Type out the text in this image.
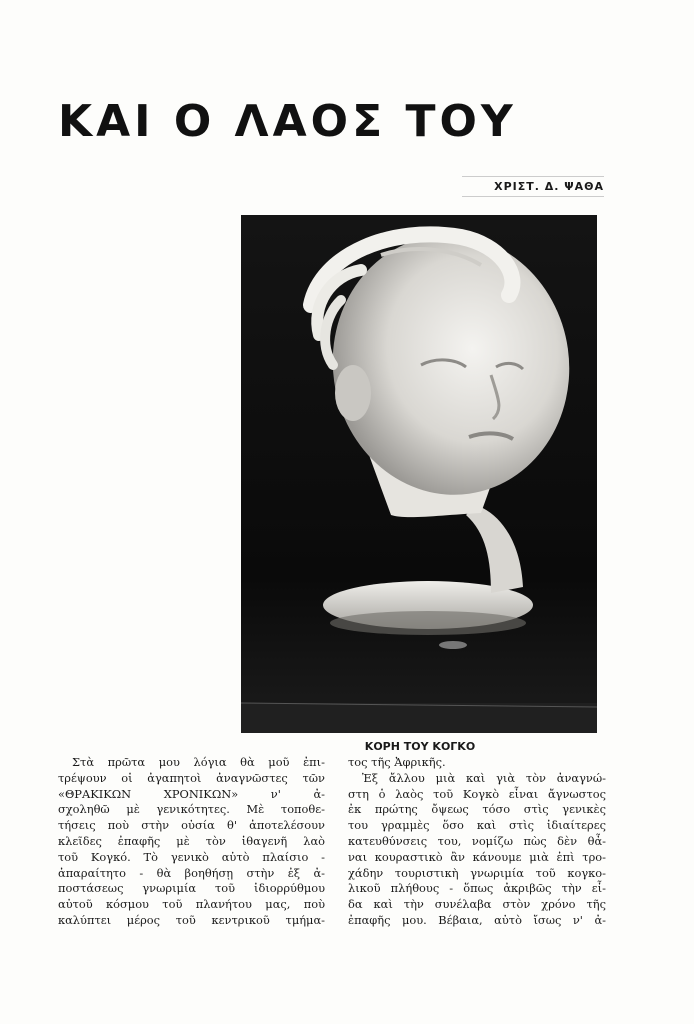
ΚΑΙ Ο ΛΑΟΣ ΤΟΥ
ΧΡΙΣΤ. Δ. ΨΑΘΑ
ΚΟΡΗ ΤΟΥ ΚΟΓΚΟ
Στὰ πρῶτα μου λόγια θὰ μοῦ ἐπι-
τρέψουν οἱ ἀγαπητοὶ ἀναγνῶστες τῶν
«ΘΡΑΚΙΚΩΝ ΧΡΟΝΙΚΩΝ» ν' ἀ-
σχοληθῶ μὲ γενικότητες. Μὲ τοποθε-
τήσεις ποὺ στὴν οὐσία θ' ἀποτελέσουν
κλεῖδες ἐπαφῆς μὲ τὸν ἰθαγενῆ λαὸ
τοῦ Κογκό. Τὸ γενικὸ αὐτὸ πλαίσιο -
ἀπαραίτητο - θὰ βοηθήσῃ στὴν ἐξ ἀ-
ποστάσεως γνωριμία τοῦ ἰδιορρύθμου
αὐτοῦ κόσμου τοῦ πλανήτου μας, ποὺ
καλύπτει μέρος τοῦ κεντρικοῦ τμήμα-
τος τῆς Ἀφρικῆς.
Ἐξ ἄλλου μιὰ καὶ γιὰ τὸν ἀναγνώ-
στη ὁ λαὸς τοῦ Κογκὸ εἶναι ἄγνωστος
ἐκ πρώτης ὄψεως τόσο στὶς γενικὲς
του γραμμὲς ὅσο καὶ στὶς ἰδιαίτερες
κατευθύνσεις του, νομίζω πὼς δὲν θἆ-
ναι κουραστικὸ ἂν κάνουμε μιὰ ἐπὶ τρο-
χάδην τουριστικὴ γνωριμία τοῦ κογκο-
λικοῦ πλήθους - ὅπως ἀκριβῶς τὴν εἶ-
δα καὶ τὴν συνέλαβα στὸν χρόνο τῆς
ἐπαφῆς μου. Βέβαια, αὐτὸ ἴσως ν' ἀ-
